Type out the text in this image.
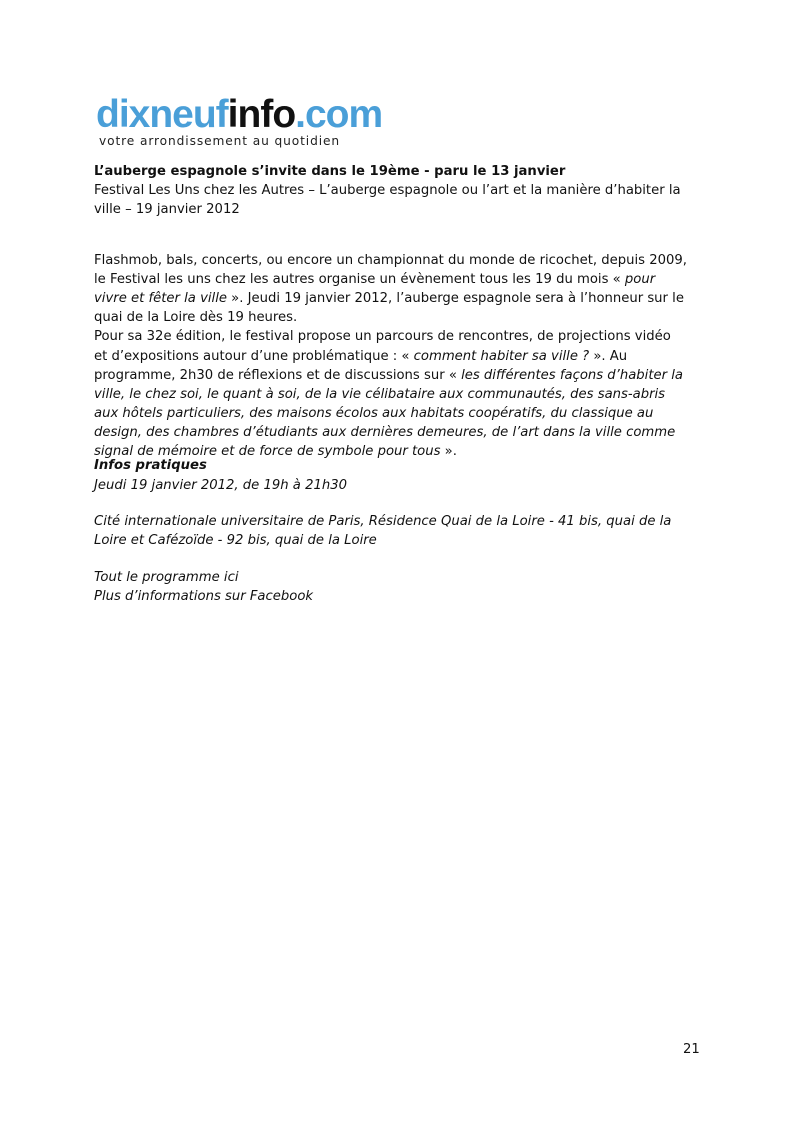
dixneufinfo.com
votre arrondissement au quotidien
L’auberge espagnole s’invite dans le 19ème - paru le 13 janvier
Festival Les Uns chez les Autres – L’auberge espagnole ou l’art et la manière d’habiter la
ville – 19 janvier 2012
Flashmob, bals, concerts, ou encore un championnat du monde de ricochet, depuis 2009,
le Festival les uns chez les autres organise un évènement tous les 19 du mois « pour
vivre et fêter la ville ». Jeudi 19 janvier 2012, l’auberge espagnole sera à l’honneur sur le
quai de la Loire dès 19 heures.
Pour sa 32e édition, le festival propose un parcours de rencontres, de projections vidéo
et d’expositions autour d’une problématique : « comment habiter sa ville ? ». Au
programme, 2h30 de réflexions et de discussions sur « les différentes façons d’habiter la
ville, le chez soi, le quant à soi, de la vie célibataire aux communautés, des sans-abris
aux hôtels particuliers, des maisons écolos aux habitats coopératifs, du classique au
design, des chambres d’étudiants aux dernières demeures, de l’art dans la ville comme
signal de mémoire et de force de symbole pour tous ».
Infos pratiques
Jeudi 19 janvier 2012, de 19h à 21h30
Cité internationale universitaire de Paris, Résidence Quai de la Loire - 41 bis, quai de la
Loire et Cafézoïde - 92 bis, quai de la Loire
Tout le programme ici
Plus d’informations sur Facebook
21
